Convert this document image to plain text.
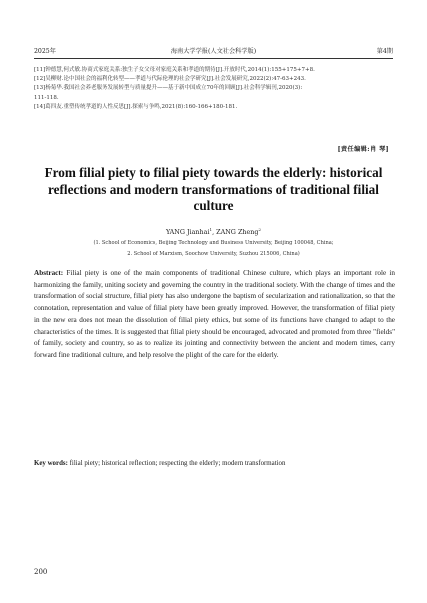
2025年	海南大学学报(人文社会科学版)	第4期
[11] 钟德慧,何式敏.协商式家庭关系:独生子女父母对家庭关系和孝道的期待[J].开放时代,2014(1):155+175+7+8.
[12] 吴柳财.论中国社会的福利化转型——孝道与代际伦理的社会学研究[J].社会发展研究,2022(2):47-63+243.
[13] 杨菊华.我国社会养老服务发展转型与质量提升——基于新中国成立70年的回顾[J].社会科学辑刊,2020(3):
111-118.
[14] 葛四友.重塑传统孝道的人性反思[J].探索与争鸣,2021(8):160-166+180-181.
[责任编辑:肖 琴]
From filial piety to filial piety towards the elderly: historical reflections and modern transformations of traditional filial culture
YANG Jianhai$^1$, ZANG Zheng$^2$
(1. School of Economics, Beijing Technology and Business University, Beijing 100048, China;
2. School of Marxism, Soochow University, Suzhou 215006, China)
Abstract: Filial piety is one of the main components of traditional Chinese culture, which plays an important role in harmonizing the family, uniting society and governing the country in the traditional society. With the change of times and the transformation of social structure, filial piety has also undergone the baptism of secularization and rationalization, so that the connotation, representation and value of filial piety have been greatly improved. However, the transformation of filial piety in the new era does not mean the dissolution of filial piety ethics, but some of its functions have changed to adapt to the characteristics of the times. It is suggested that filial piety should be encouraged, advocated and promoted from three "fields" of family, society and country, so as to realize its jointing and connectivity between the ancient and modern times, carry forward fine traditional culture, and help resolve the plight of the care for the elderly.
Key words: filial piety; historical reflection; respecting the elderly; modern transformation
200
